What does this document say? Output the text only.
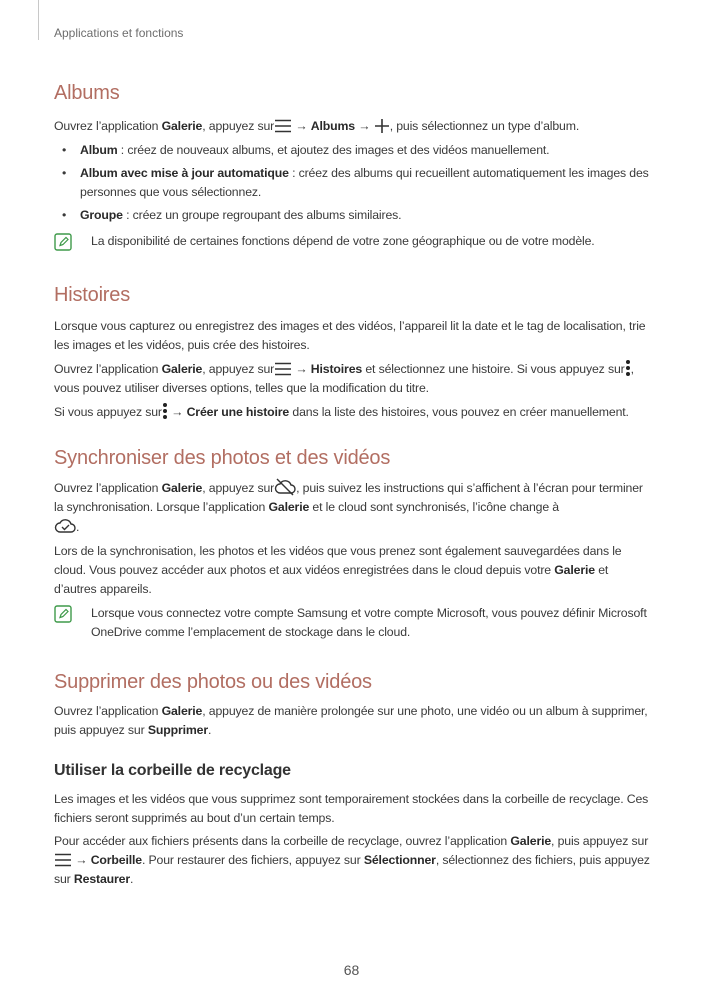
Applications et fonctions
Albums

Ouvrez l’application Galerie, appuyez sur → Albums → , puis sélectionnez un type d’album.

• Album : créez de nouveaux albums, et ajoutez des images et des vidéos manuellement.
• Album avec mise à jour automatique : créez des albums qui recueillent automatiquement les images des personnes que vous sélectionnez.
• Groupe : créez un groupe regroupant des albums similaires.
La disponibilité de certaines fonctions dépend de votre zone géographique ou de votre modèle.
Histoires

Lorsque vous capturez ou enregistrez des images et des vidéos, l’appareil lit la date et le tag de localisation, trie les images et les vidéos, puis crée des histoires.

Ouvrez l’application Galerie, appuyez sur → Histoires et sélectionnez une histoire. Si vous appuyez sur , vous pouvez utiliser diverses options, telles que la modification du titre.

Si vous appuyez sur → Créer une histoire dans la liste des histoires, vous pouvez en créer manuellement.

Synchroniser des photos et des vidéos

Ouvrez l’application Galerie, appuyez sur , puis suivez les instructions qui s’affichent à l’écran pour terminer la synchronisation. Lorsque l’application Galerie et le cloud sont synchronisés, l’icône change à
.

Lors de la synchronisation, les photos et les vidéos que vous prenez sont également sauvegardées dans le cloud. Vous pouvez accéder aux photos et aux vidéos enregistrées dans le cloud depuis votre Galerie et d’autres appareils.

Lorsque vous connectez votre compte Samsung et votre compte Microsoft, vous pouvez définir Microsoft OneDrive comme l’emplacement de stockage dans le cloud.
Supprimer des photos ou des vidéos

Ouvrez l’application Galerie, appuyez de manière prolongée sur une photo, une vidéo ou un album à supprimer, puis appuyez sur Supprimer.

Utiliser la corbeille de recyclage

Les images et les vidéos que vous supprimez sont temporairement stockées dans la corbeille de recyclage. Ces fichiers seront supprimés au bout d’un certain temps.

Pour accéder aux fichiers présents dans la corbeille de recyclage, ouvrez l’application Galerie, puis appuyez sur → Corbeille. Pour restaurer des fichiers, appuyez sur Sélectionner, sélectionnez des fichiers, puis appuyez sur Restaurer.

68
